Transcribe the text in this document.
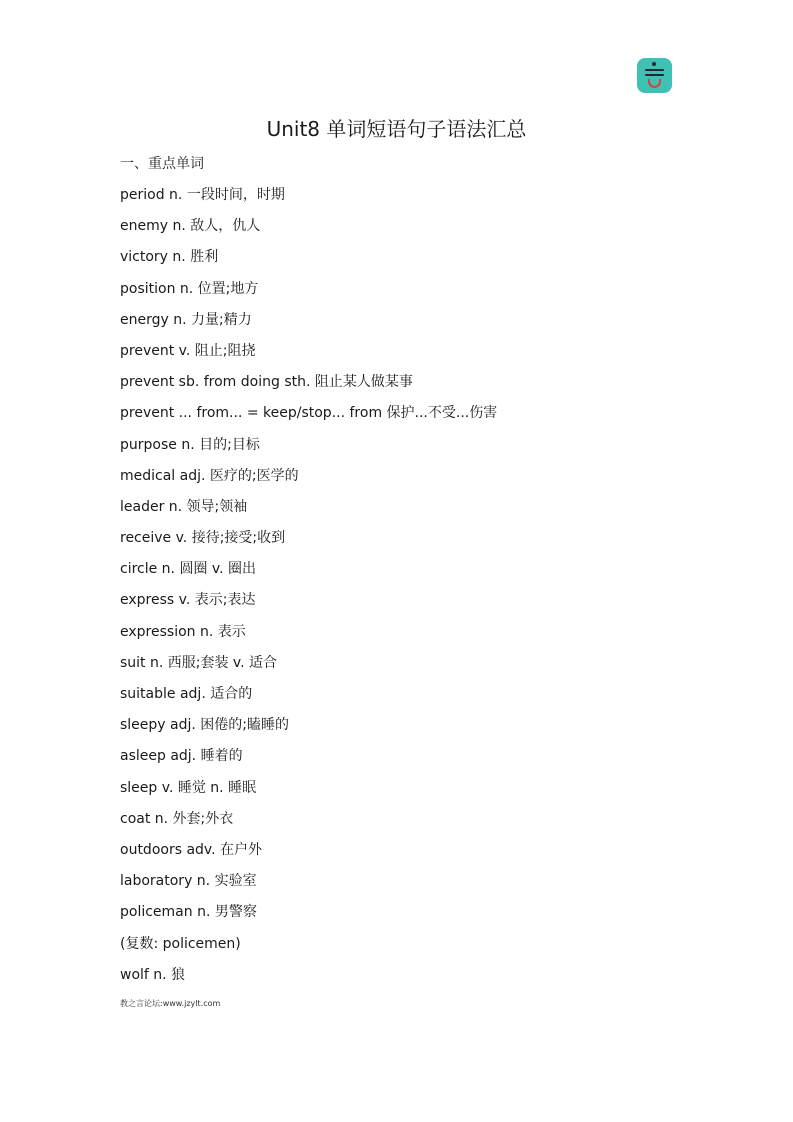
Unit8 单词短语句子语法汇总
一、重点单词
period n. 一段时间，时期
enemy n. 敌人，仇人
victory n. 胜利
position n. 位置;地方
energy n. 力量;精力
prevent v. 阻止;阻挠
prevent sb. from doing sth. 阻止某人做某事
prevent ... from... = keep/stop... from 保护...不受...伤害
purpose n. 目的;目标
medical adj. 医疗的;医学的
leader n. 领导;领袖
receive v. 接待;接受;收到
circle n. 圆圈 v. 圈出
express v. 表示;表达
expression n. 表示
suit n. 西服;套装 v. 适合
suitable adj. 适合的
sleepy adj. 困倦的;瞌睡的
asleep adj. 睡着的
sleep v. 睡觉 n. 睡眠
coat n. 外套;外衣
outdoors adv. 在户外
laboratory n. 实验室
policeman n. 男警察
(复数: policemen)
wolf n. 狼
教之言论坛:www.jzylt.com
